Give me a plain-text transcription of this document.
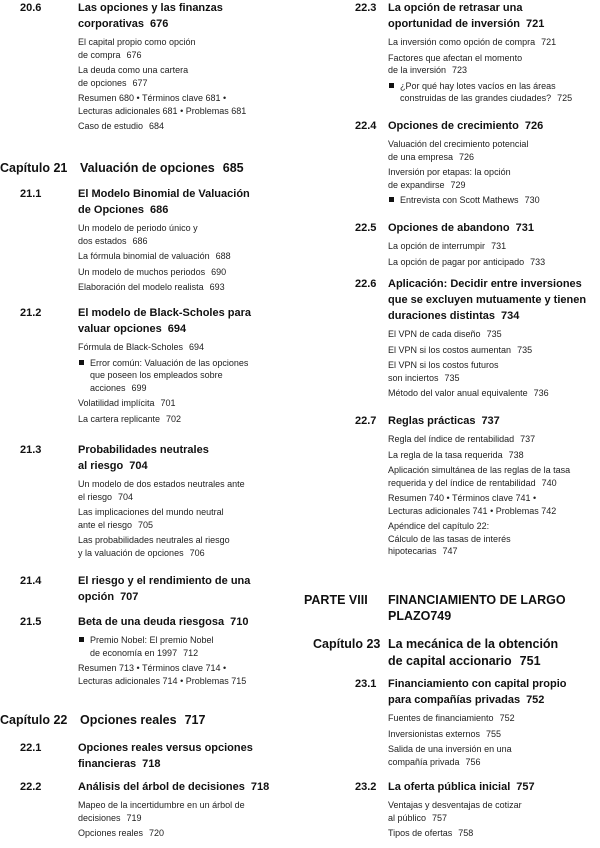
20.6	Las opciones y las finanzas
corporativas 676
El capital propio como opción
de compra 676
La deuda como una cartera
de opciones 677
Resumen 680 • Términos clave 681 •
Lecturas adicionales 681 • Problemas 681
Caso de estudio 684
Capítulo 21 Valuación de opciones 685
21.1	El Modelo Binomial de Valuación
de Opciones 686
Un modelo de periodo único y
dos estados 686
La fórmula binomial de valuación 688
Un modelo de muchos periodos 690
Elaboración del modelo realista 693
21.2	El modelo de Black-Scholes para
valuar opciones 694
Fórmula de Black-Scholes 694
Error común: Valuación de las opciones
que poseen los empleados sobre
acciones 699
Volatilidad implícita 701
La cartera replicante 702
21.3	Probabilidades neutrales
al riesgo 704
Un modelo de dos estados neutrales ante
el riesgo 704
Las implicaciones del mundo neutral
ante el riesgo 705
Las probabilidades neutrales al riesgo
y la valuación de opciones 706
21.4	El riesgo y el rendimiento de una
opción 707
21.5	Beta de una deuda riesgosa 710
Premio Nobel: El premio Nobel
de economía en 1997 712
Resumen 713 • Términos clave 714 •
Lecturas adicionales 714 • Problemas 715
Capítulo 22 Opciones reales 717
22.1	Opciones reales versus opciones
financieras 718
22.2	Análisis del árbol de decisiones 718
Mapeo de la incertidumbre en un árbol de
decisiones 719
Opciones reales 720
22.3 La opción de retrasar una
oportunidad de inversión 721
La inversión como opción de compra 721
Factores que afectan el momento
de la inversión 723
¿Por qué hay lotes vacíos en las áreas
construidas de las grandes ciudades? 725
22.4 Opciones de crecimiento 726
Valuación del crecimiento potencial
de una empresa 726
Inversión por etapas: la opción
de expandirse 729
Entrevista con Scott Mathews 730
22.5 Opciones de abandono 731
La opción de interrumpir 731
La opción de pagar por anticipado 733
22.6 Aplicación: Decidir entre inversiones
que se excluyen mutuamente y tienen
duraciones distintas 734
El VPN de cada diseño 735
El VPN si los costos aumentan 735
El VPN si los costos futuros
son inciertos 735
Método del valor anual equivalente 736
22.7 Reglas prácticas 737
Regla del índice de rentabilidad 737
La regla de la tasa requerida 738
Aplicación simultánea de las reglas de la tasa
requerida y del índice de rentabilidad 740
Resumen 740 • Términos clave 741 •
Lecturas adicionales 741 • Problemas 742
Apéndice del capítulo 22:
Cálculo de las tasas de interés
hipotecarias 747
PARTE VIII FINANCIAMIENTO DE LARGO
PLAZO749
Capítulo 23 La mecánica de la obtención
de capital accionario 751
23.1 Financiamiento con capital propio
para compañías privadas 752
Fuentes de financiamiento 752
Inversionistas externos 755
Salida de una inversión en una
compañía privada 756
23.2 La oferta pública inicial 757
Ventajas y desventajas de cotizar
al público 757
Tipos de ofertas 758
